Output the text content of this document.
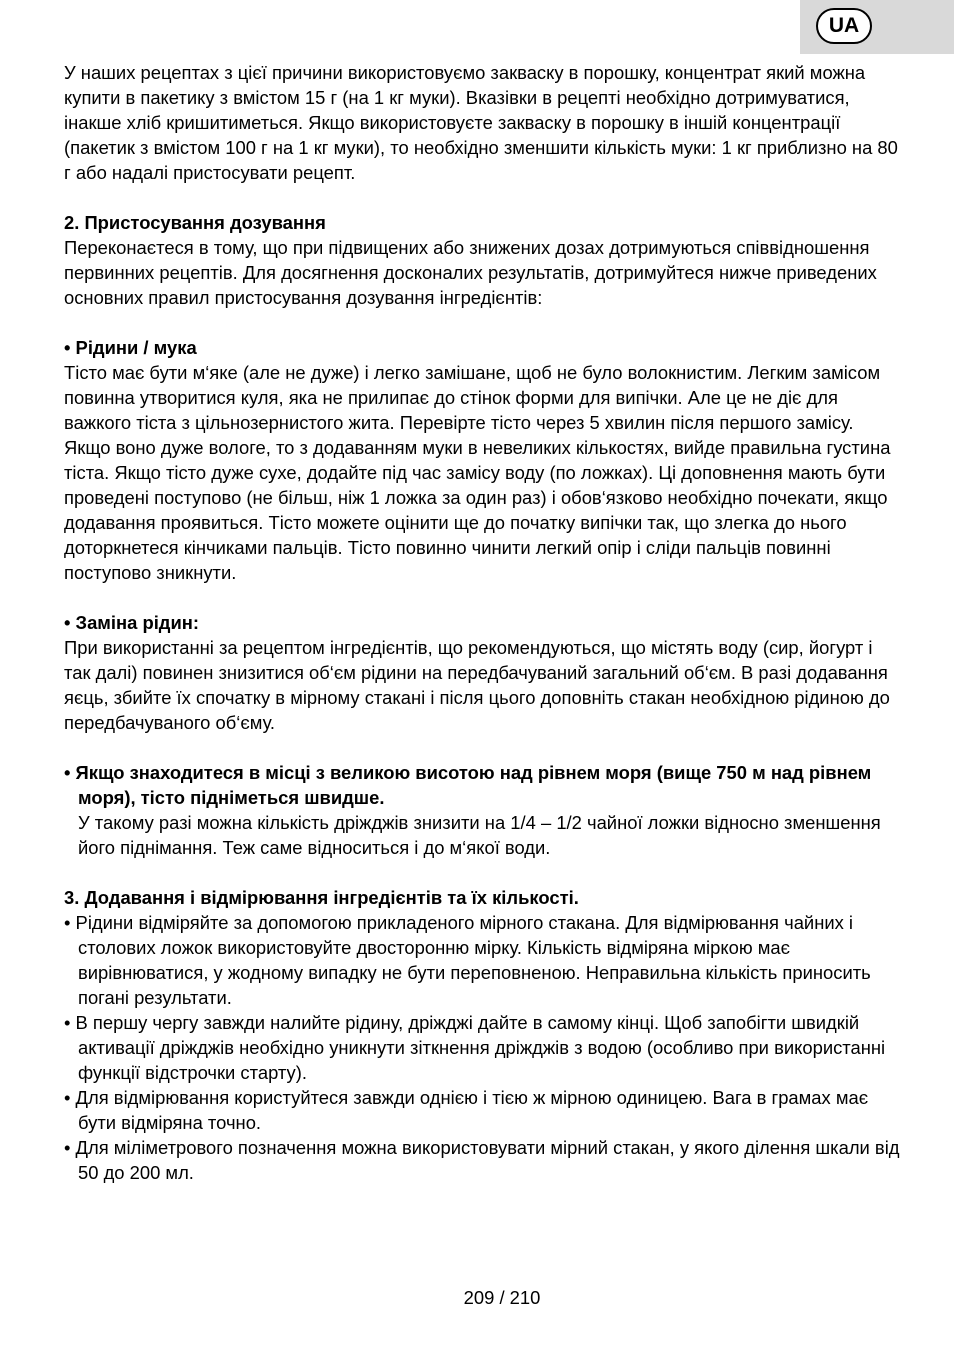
UA

У наших рецептах з цієї причини використовуємо закваску в порошку, концентрат який можна купити в пакетику з вмістом 15 г (на 1 кг муки). Вказівки в рецепті необхідно дотримуватися, інакше хліб кришитиметься. Якщо використовуєте закваску в порошку в іншій концентрації (пакетик з вмістом 100 г на 1 кг муки), то необхідно зменшити кількість муки: 1 кг приблизно на 80 г або надалі пристосувати рецепт.

2. Пристосування дозування

Переконаєтеся в тому, що при підвищених або знижених дозах дотримуються співвідношення первинних рецептів. Для досягнення досконалих результатів, дотримуйтеся нижче приведених основних правил пристосування дозування інгредієнтів:

• Рідини / мука

Тісто має бути м‘яке (але не дуже) і легко замішане, щоб не було волокнистим. Легким замісом повинна утворитися куля, яка не прилипає до стінок форми для випічки. Але це не діє для важкого тіста з цільнозернистого жита. Перевірте тісто через 5 хвилин після першого замісу. Якщо воно дуже вологе, то з додаванням муки в невеликих кількостях, вийде правильна густина тіста. Якщо тісто дуже сухе, додайте під час замісу воду (по ложках). Ці доповнення мають бути проведені поступово (не більш, ніж 1 ложка за один раз) і обов‘язково необхідно почекати, якщо додавання проявиться. Тісто можете оцінити ще до початку випічки так, що злегка до нього доторкнетеся кінчиками пальців. Тісто повинно чинити легкий опір і сліди пальців повинні поступово зникнути.

• Заміна рідин:

При використанні за рецептом інгредієнтів, що рекомендуються, що містять воду (сир, йогурт і так далі) повинен знизитися об‘єм рідини на передбачуваний загальний об‘єм. В разі додавання яєць, збийте їх спочатку в мірному стакані і після цього доповніть стакан необхідною рідиною до передбачуваного об‘єму.

• Якщо знаходитеся в місці з великою висотою над рівнем моря (вище 750 м над рівнем моря), тісто підніметься швидше.

У такому разі можна кількість дріжджів знизити на 1/4 – 1/2 чайної ложки відносно зменшення його піднімання. Теж саме відноситься і до м‘якої води.

3. Додавання і відмірювання інгредієнтів та їх кількості.

• Рідини відміряйте за допомогою прикладеного мірного стакана. Для відмірювання чайних і столових ложок використовуйте двосторонню мірку. Кількість відміряна міркою має вирівнюватися, у жодному випадку не бути переповненою. Неправильна кількість приносить погані результати.

• В першу чергу завжди налийте рідину, дріжджі дайте в самому кінці. Щоб запобігти швидкій активації дріжджів необхідно уникнути зіткнення дріжджів з водою (особливо при використанні функції відстрочки старту).

• Для відмірювання користуйтеся завжди однією і тією ж мірною одиницею. Вага в грамах має бути відміряна точно.

• Для міліметрового позначення можна використовувати мірний стакан, у якого ділення шкали від 50 до 200 мл.

209 / 210
